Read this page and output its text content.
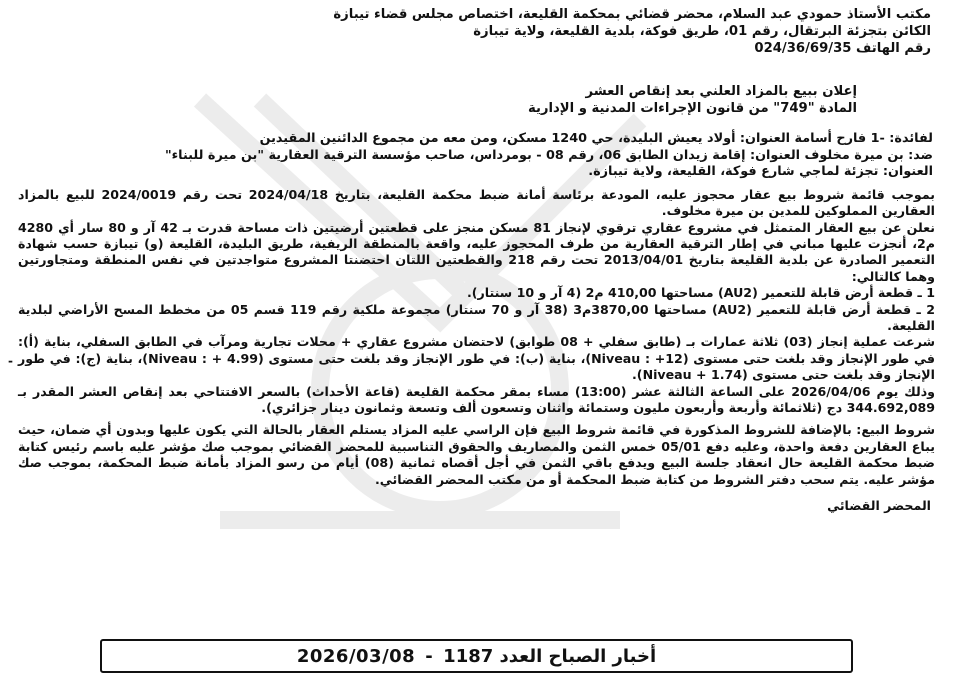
-

مكتب الأستاذ حمودي عبد السلام، محضر قضائي بمحكمة القليعة، اختصاص مجلس قضاء تيبازة

الكائن بتجزئة البرتقال، رقم 01، طريق فوكة، بلدية القليعة، ولاية تيبازة

رقم الهاتف 024/36/69/35

إعلان ببيع بالمزاد العلني بعد إنقاص العشر

المادة "749" من قانون الإجراءات المدنية و الإدارية

لفائدة: -1 فارح أسامة العنوان: أولاد يعيش البليدة، حي 1240 مسكن، ومن معه من مجموع الدائنين المقيدين

ضد: بن ميرة مخلوف العنوان: إقامة زيدان الطابق 06، رقم 08 - بومرداس، صاحب مؤسسة الترقية العقارية "بن ميرة للبناء"

العنوان: تجزئة لماجي شارع فوكة، القليعة، ولاية تيبازة.

بموجب قائمة شروط بيع عقار محجوز عليه، المودعة برئاسة أمانة ضبط محكمة القليعة، بتاريخ 2024/04/18 تحت رقم 2024/0019 للبيع بالمزاد العقارين المملوكين للمدين بن ميرة مخلوف.

نعلن عن بيع العقار المتمثل في مشروع عقاري ترقوي لإنجاز 81 مسكن منجز على قطعتين أرضيتين ذات مساحة قدرت بـ 42 آر و 80 سار أي 4280 م2، أنجزت عليها مباني في إطار الترقية العقارية من طرف المحجوز عليه، واقعة بالمنطقة الريفية، طريق البليدة، القليعة (و) تيبازة حسب شهادة التعمير الصادرة عن بلدية القليعة بتاريخ 2013/04/01 تحت رقم 218 والقطعتين اللتان احتضنتا المشروع متواجدتين في نفس المنطقة ومتجاورتين وهما كالتالي:

1 ـ قطعة أرض قابلة للتعمير (AU2) مساحتها 410,00 م2 (4 آر و 10 سنتار).

2 ـ قطعة أرض قابلة للتعمير (AU2) مساحتها 3870,00م3 (38 آر و 70 سنتار) مجموعة ملكية رقم 119 قسم 05 من مخطط المسح الأراضي لبلدية القليعة.

شرعت عملية إنجاز (03) ثلاثة عمارات بـ (طابق سفلي + 08 طوابق) لاحتضان مشروع عقاري + محلات تجارية ومرآب في الطابق السفلي، بناية (أ): في طور الإنجاز وقد بلغت حتى مستوى (Niveau : +12)، بناية (ب): في طور الإنجاز وقد بلغت حتى مستوى (Niveau : + 4.99)، بناية (ج): في طور الإنجاز وقد بلغت حتى مستوى (Niveau + 1.74).

وذلك يوم 2026/04/06 على الساعة الثالثة عشر (13:00) مساء بمقر محكمة القليعة (قاعة الأحداث) بالسعر الافتتاحي بعد إنقاص العشر المقدر بـ 344.692,089 دج (ثلاثمائة وأربعة وأربعون مليون وستمائة واثنان وتسعون ألف وتسعة وثمانون دينار جزائري).

شروط البيع: بالإضافة للشروط المذكورة في قائمة شروط البيع فإن الراسي عليه المزاد يستلم العقار بالحالة التي يكون عليها وبدون أي ضمان، حيث يباع العقارين دفعة واحدة، وعليه دفع 05/01 خمس الثمن والمصاريف والحقوق التناسبية للمحضر القضائي بموجب صك مؤشر عليه باسم رئيس كتابة ضبط محكمة القليعة حال انعقاد جلسة البيع ويدفع باقي الثمن في أجل أقصاه ثمانية (08) أيام من رسو المزاد بأمانة ضبط المحكمة، بموجب صك مؤشر عليه. يتم سحب دفتر الشروط من كتابة ضبط المحكمة أو من مكتب المحضر القضائي.

المحضر القضائي
أخبار الصباح العدد 1187
-
2026/03/08
